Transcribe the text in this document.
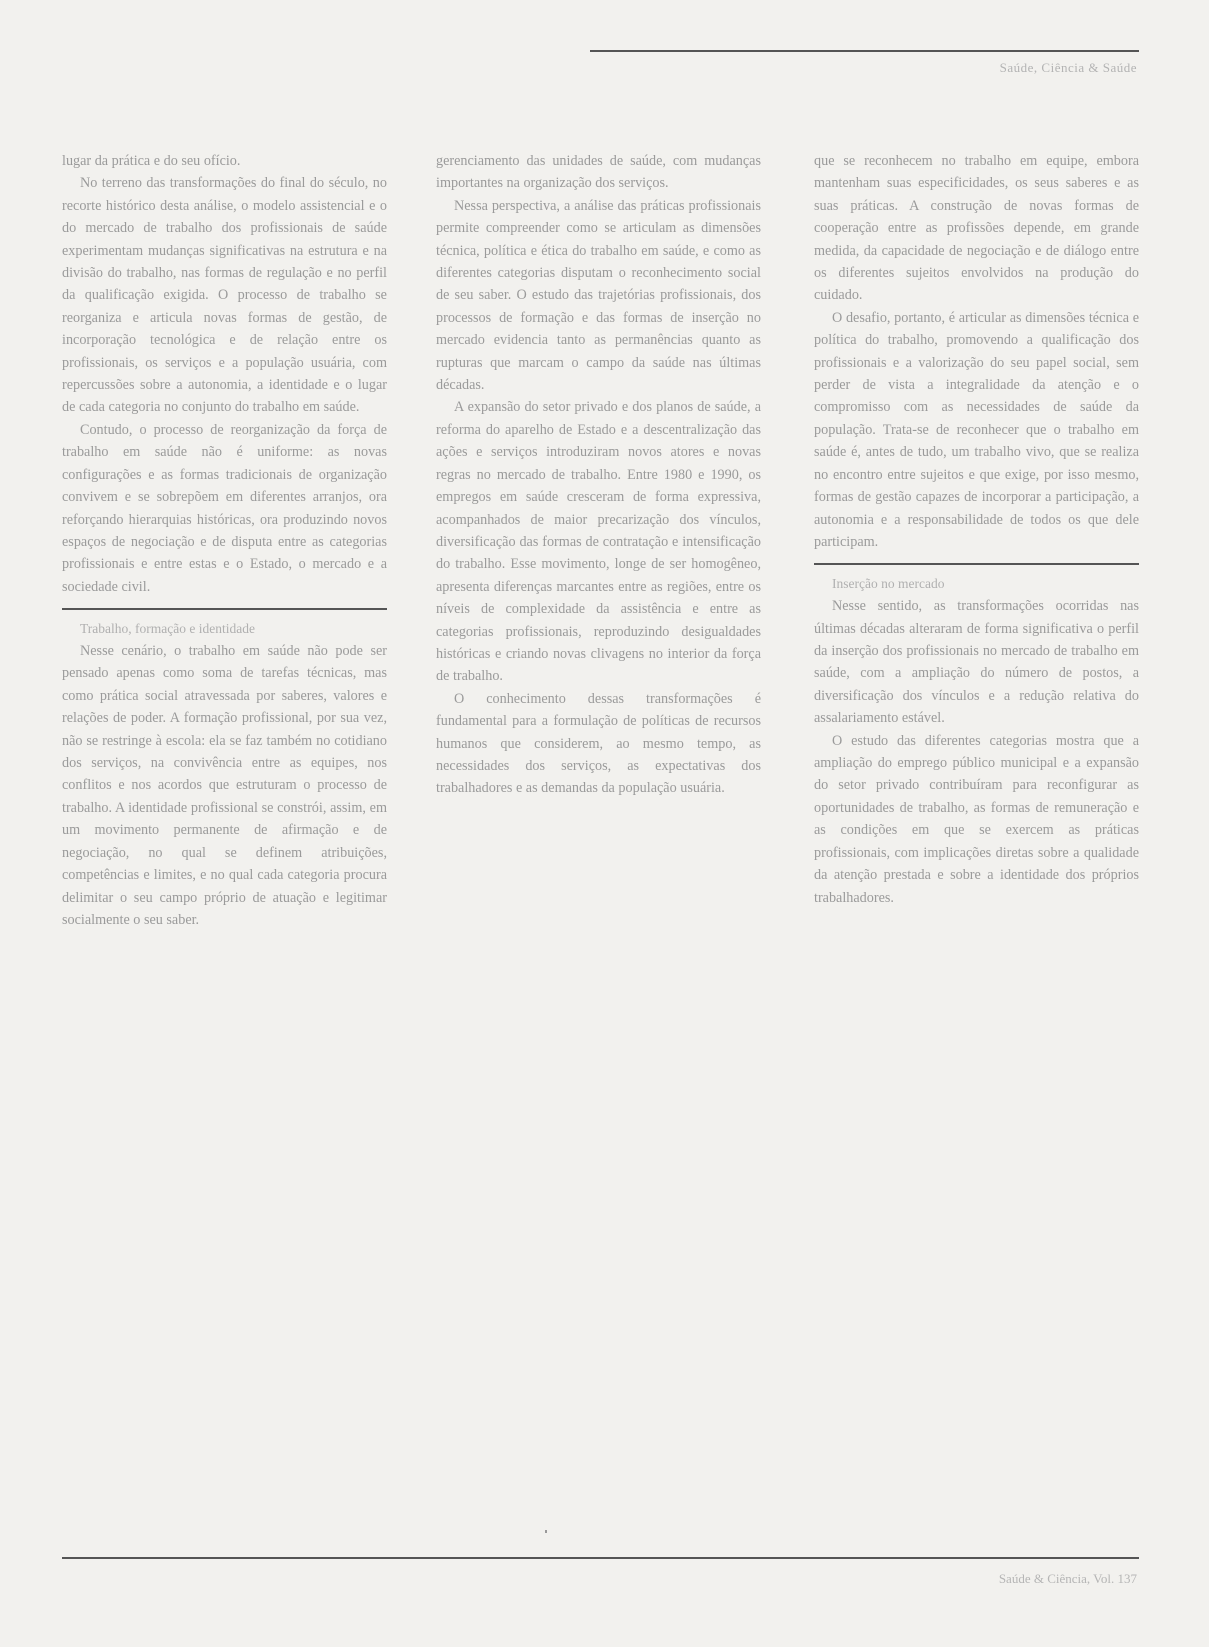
Saúde, Ciência & Saúde

lugar da prática e do seu ofício.

No terreno das transformações do final do século, no recorte histórico desta análise, o modelo assistencial e o do mercado de trabalho dos profissionais de saúde experimentam mudanças significativas na estrutura e na divisão do trabalho, nas formas de regulação e no perfil da qualificação exigida. O processo de trabalho se reorganiza e articula novas formas de gestão, de incorporação tecnológica e de relação entre os profissionais, os serviços e a população usuária, com repercussões sobre a autonomia, a identidade e o lugar de cada categoria no conjunto do trabalho em saúde.

Contudo, o processo de reorganização da força de trabalho em saúde não é uniforme: as novas configurações e as formas tradicionais de organização convivem e se sobrepõem em diferentes arranjos, ora reforçando hierarquias históricas, ora produzindo novos espaços de negociação e de disputa entre as categorias profissionais e entre estas e o Estado, o mercado e a sociedade civil.

Trabalho, formação e identidade

Nesse cenário, o trabalho em saúde não pode ser pensado apenas como soma de tarefas técnicas, mas como prática social atravessada por saberes, valores e relações de poder. A formação profissional, por sua vez, não se restringe à escola: ela se faz também no cotidiano dos serviços, na convivência entre as equipes, nos conflitos e nos acordos que estruturam o processo de trabalho. A identidade profissional se constrói, assim, em um movimento permanente de afirmação e de negociação, no qual se definem atribuições, competências e limites, e no qual cada categoria procura delimitar o seu campo próprio de atuação e legitimar socialmente o seu saber.

gerenciamento das unidades de saúde, com mudanças importantes na organização dos serviços.

Nessa perspectiva, a análise das práticas profissionais permite compreender como se articulam as dimensões técnica, política e ética do trabalho em saúde, e como as diferentes categorias disputam o reconhecimento social de seu saber. O estudo das trajetórias profissionais, dos processos de formação e das formas de inserção no mercado evidencia tanto as permanências quanto as rupturas que marcam o campo da saúde nas últimas décadas.

A expansão do setor privado e dos planos de saúde, a reforma do aparelho de Estado e a descentralização das ações e serviços introduziram novos atores e novas regras no mercado de trabalho. Entre 1980 e 1990, os empregos em saúde cresceram de forma expressiva, acompanhados de maior precarização dos vínculos, diversificação das formas de contratação e intensificação do trabalho. Esse movimento, longe de ser homogêneo, apresenta diferenças marcantes entre as regiões, entre os níveis de complexidade da assistência e entre as categorias profissionais, reproduzindo desigualdades históricas e criando novas clivagens no interior da força de trabalho.

O conhecimento dessas transformações é fundamental para a formulação de políticas de recursos humanos que considerem, ao mesmo tempo, as necessidades dos serviços, as expectativas dos trabalhadores e as demandas da população usuária.

que se reconhecem no trabalho em equipe, embora mantenham suas especificidades, os seus saberes e as suas práticas. A construção de novas formas de cooperação entre as profissões depende, em grande medida, da capacidade de negociação e de diálogo entre os diferentes sujeitos envolvidos na produção do cuidado.

O desafio, portanto, é articular as dimensões técnica e política do trabalho, promovendo a qualificação dos profissionais e a valorização do seu papel social, sem perder de vista a integralidade da atenção e o compromisso com as necessidades de saúde da população. Trata-se de reconhecer que o trabalho em saúde é, antes de tudo, um trabalho vivo, que se realiza no encontro entre sujeitos e que exige, por isso mesmo, formas de gestão capazes de incorporar a participação, a autonomia e a responsabilidade de todos os que dele participam.

Inserção no mercado

Nesse sentido, as transformações ocorridas nas últimas décadas alteraram de forma significativa o perfil da inserção dos profissionais no mercado de trabalho em saúde, com a ampliação do número de postos, a diversificação dos vínculos e a redução relativa do assalariamento estável.

O estudo das diferentes categorias mostra que a ampliação do emprego público municipal e a expansão do setor privado contribuíram para reconfigurar as oportunidades de trabalho, as formas de remuneração e as condições em que se exercem as práticas profissionais, com implicações diretas sobre a qualidade da atenção prestada e sobre a identidade dos próprios trabalhadores.

Saúde & Ciência, Vol. 137
